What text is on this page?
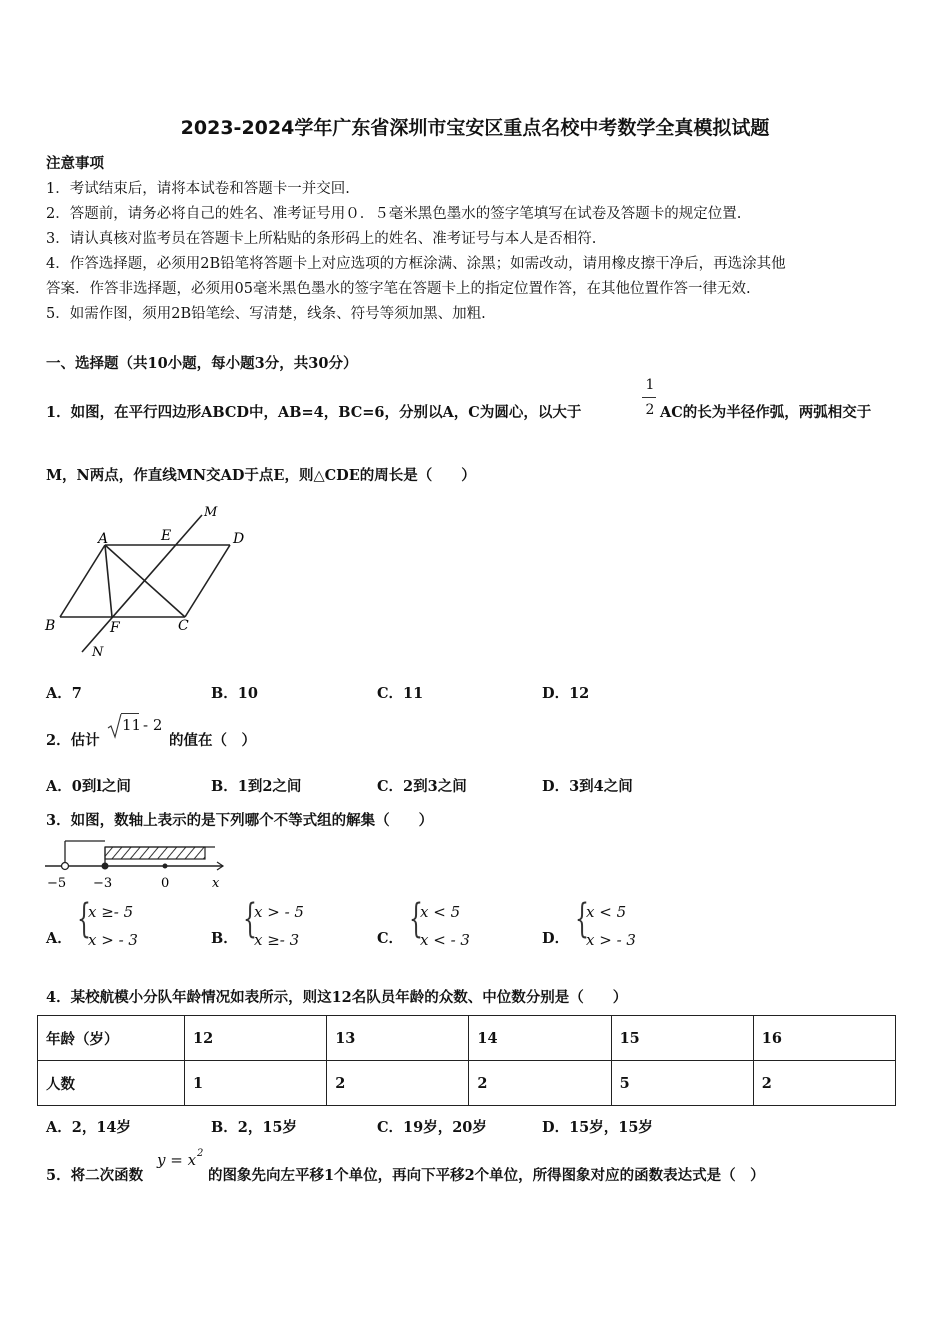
2023-2024学年广东省深圳市宝安区重点名校中考数学全真模拟试题
注意事项
1．考试结束后，请将本试卷和答题卡一并交回.
2．答题前，请务必将自己的姓名、准考证号用０．５毫米黑色墨水的签字笔填写在试卷及答题卡的规定位置.
3．请认真核对监考员在答题卡上所粘贴的条形码上的姓名、准考证号与本人是否相符.
4．作答选择题，必须用2B铅笔将答题卡上对应选项的方框涂满、涂黑；如需改动，请用橡皮擦干净后，再选涂其他
答案．作答非选择题，必须用05毫米黑色墨水的签字笔在答题卡上的指定位置作答，在其他位置作答一律无效.
5．如需作图，须用2B铅笔绘、写清楚，线条、符号等须加黑、加粗.
一、选择题（共10小题，每小题3分，共30分）
1．如图，在平行四边形ABCD中，AB=4，BC=6，分别以A，C为圆心，以大于
1
2 AC的长为半径作弧，两弧相交于
M，N两点，作直线MN交AD于点E，则△CDE的周长是（　　）
A	E	D
M
B	F	C
N
A．7	B．10	C．11	D．12
2．估计
11 - 2
的值在（　）
A．0到l之间	B．1到2之间	C．2到3之间	D．3到4之间
3．如图，数轴上表示的是下列哪个不等式组的解集（　　）
−5 −3	0	x
A． {
x ≥- 5
x > - 3	B． {
x > - 5
x ≥- 3	C． {
x < 5
x < - 3	D． {
x < 5
x > - 3
4．某校航模小分队年龄情况如表所示，则这12名队员年龄的众数、中位数分别是（　　）
年龄（岁）	12	13	14	15	16
人数	1	2	2	5	2
A．2，14岁	B．2，15岁	C．19岁，20岁	D．15岁，15岁
5．将二次函数
y = x 2
的图象先向左平移1个单位，再向下平移2个单位，所得图象对应的函数表达式是（　）
